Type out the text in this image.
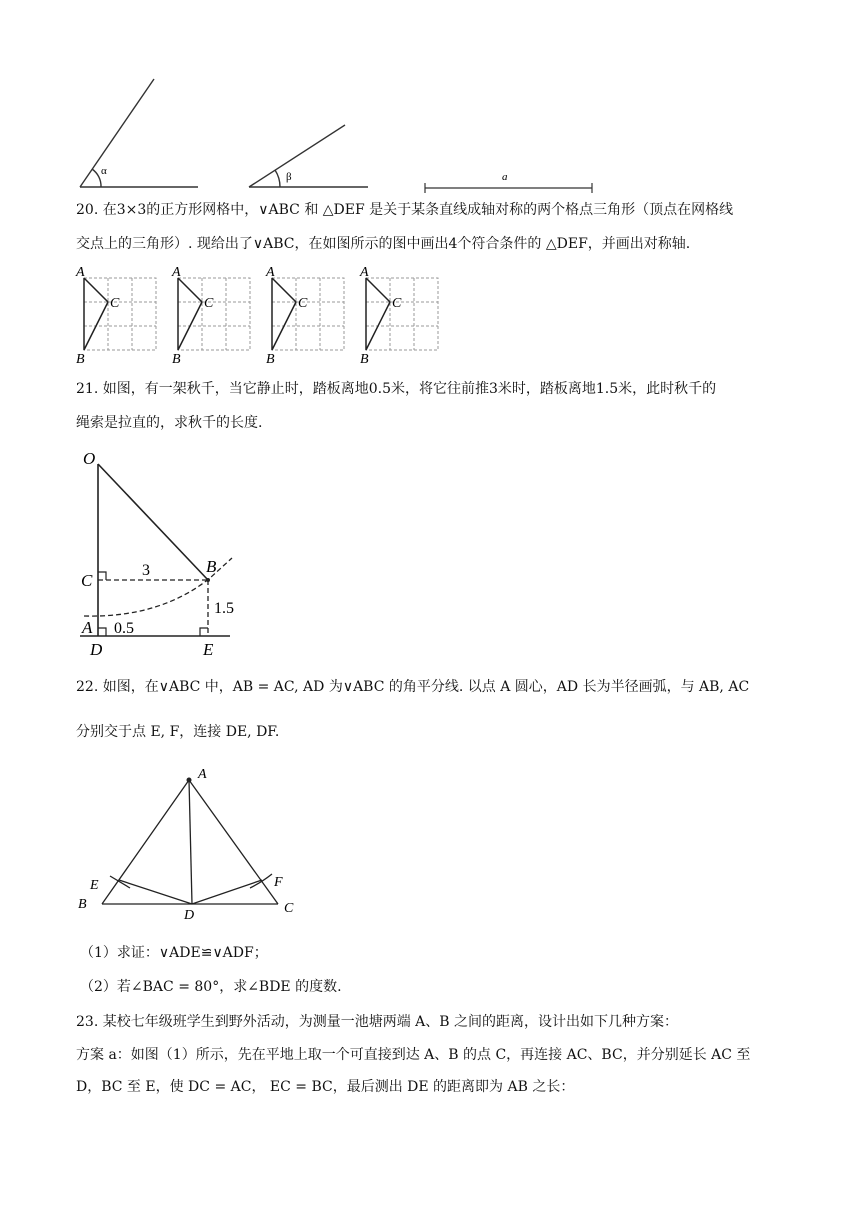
α	β	a
20. 在3×3的正方形网格中，∨ABC 和 △DEF 是关于某条直线成轴对称的两个格点三角形（顶点在网格线
交点上的三角形）. 现给出了∨ABC，在如图所示的图中画出4个符合条件的 △DEF，并画出对称轴.
A
C
B
A
C
B
A
C
B
A
C
B
21. 如图，有一架秋千，当它静止时，踏板离地0.5米，将它往前推3米时，踏板离地1.5米，此时秋千的
绳索是拉直的，求秋千的长度.
O
C
B
A
D	E
3
1.5
0.5
22. 如图，在∨ABC 中，AB = AC, AD 为∨ABC 的角平分线. 以点 A 圆心，AD 长为半径画弧，与 AB, AC
分别交于点 E, F，连接 DE, DF.
A
E	F
B
D	C
（1）求证：∨ADE≌∨ADF；
（2）若∠BAC = 80°，求∠BDE 的度数.
23. 某校七年级班学生到野外活动，为测量一池塘两端 A、B 之间的距离，设计出如下几种方案：
方案 a：如图（1）所示，先在平地上取一个可直接到达 A、B 的点 C，再连接 AC、BC，并分别延长 AC 至
D，BC 至 E，使 DC = AC， EC = BC，最后测出 DE 的距离即为 AB 之长：
